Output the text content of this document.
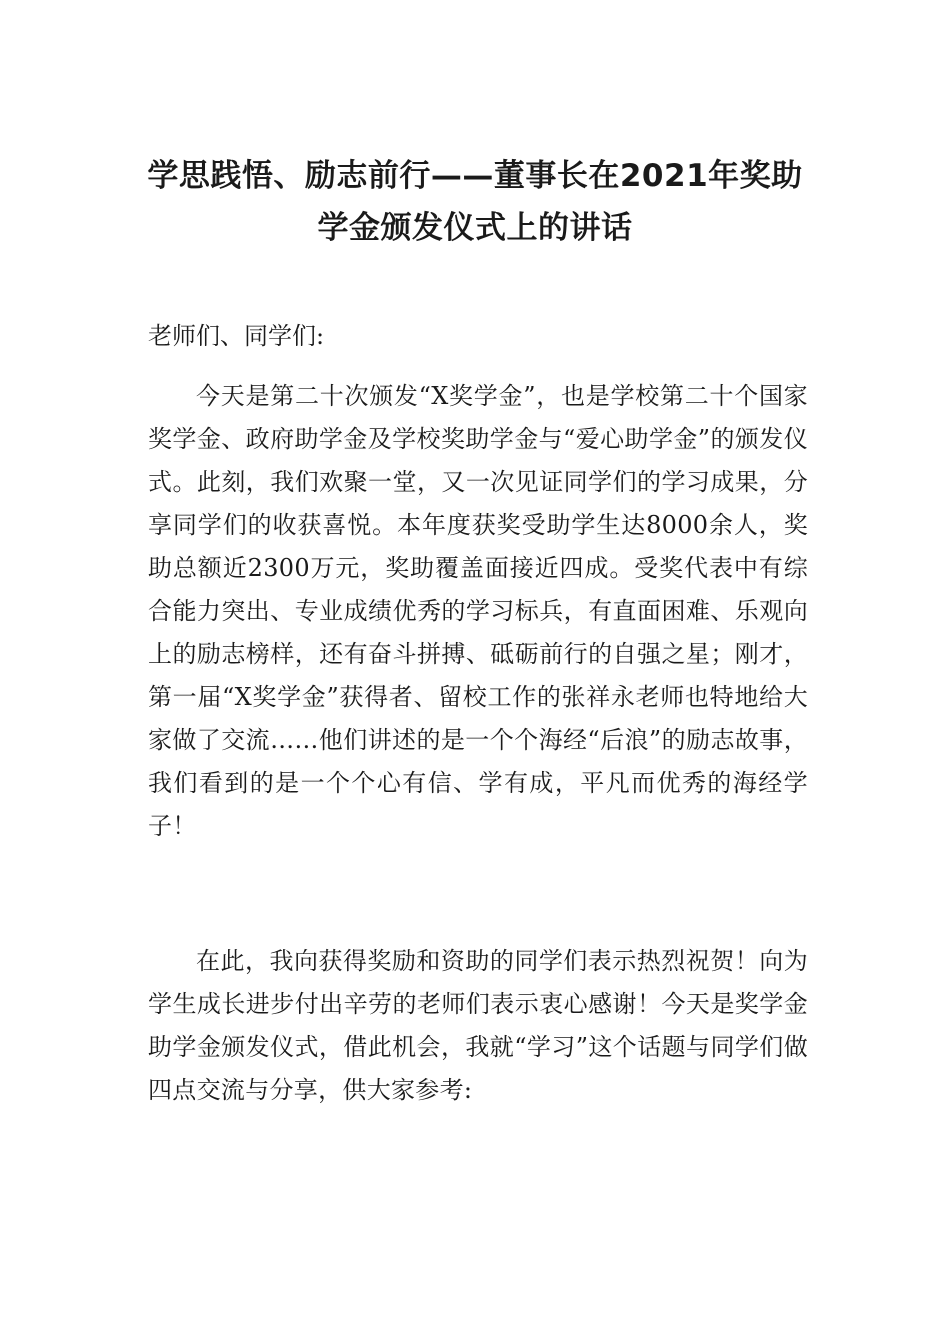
学思践悟、励志前行——董事长在2021年奖助学金颁发仪式上的讲话

老师们、同学们:

今天是第二十次颁发“X奖学金”，也是学校第二十个国家奖学金、政府助学金及学校奖助学金与“爱心助学金”的颁发仪式。此刻，我们欢聚一堂，又一次见证同学们的学习成果，分享同学们的收获喜悦。本年度获奖受助学生达8000余人，奖助总额近2300万元，奖助覆盖面接近四成。受奖代表中有综合能力突出、专业成绩优秀的学习标兵，有直面困难、乐观向上的励志榜样，还有奋斗拼搏、砥砺前行的自强之星；刚才，第一届“X奖学金”获得者、留校工作的张祥永老师也特地给大家做了交流……他们讲述的是一个个海经“后浪”的励志故事，我们看到的是一个个心有信、学有成，平凡而优秀的海经学子！

在此，我向获得奖励和资助的同学们表示热烈祝贺！向为学生成长进步付出辛劳的老师们表示衷心感谢！今天是奖学金助学金颁发仪式，借此机会，我就“学习”这个话题与同学们做四点交流与分享，供大家参考:
